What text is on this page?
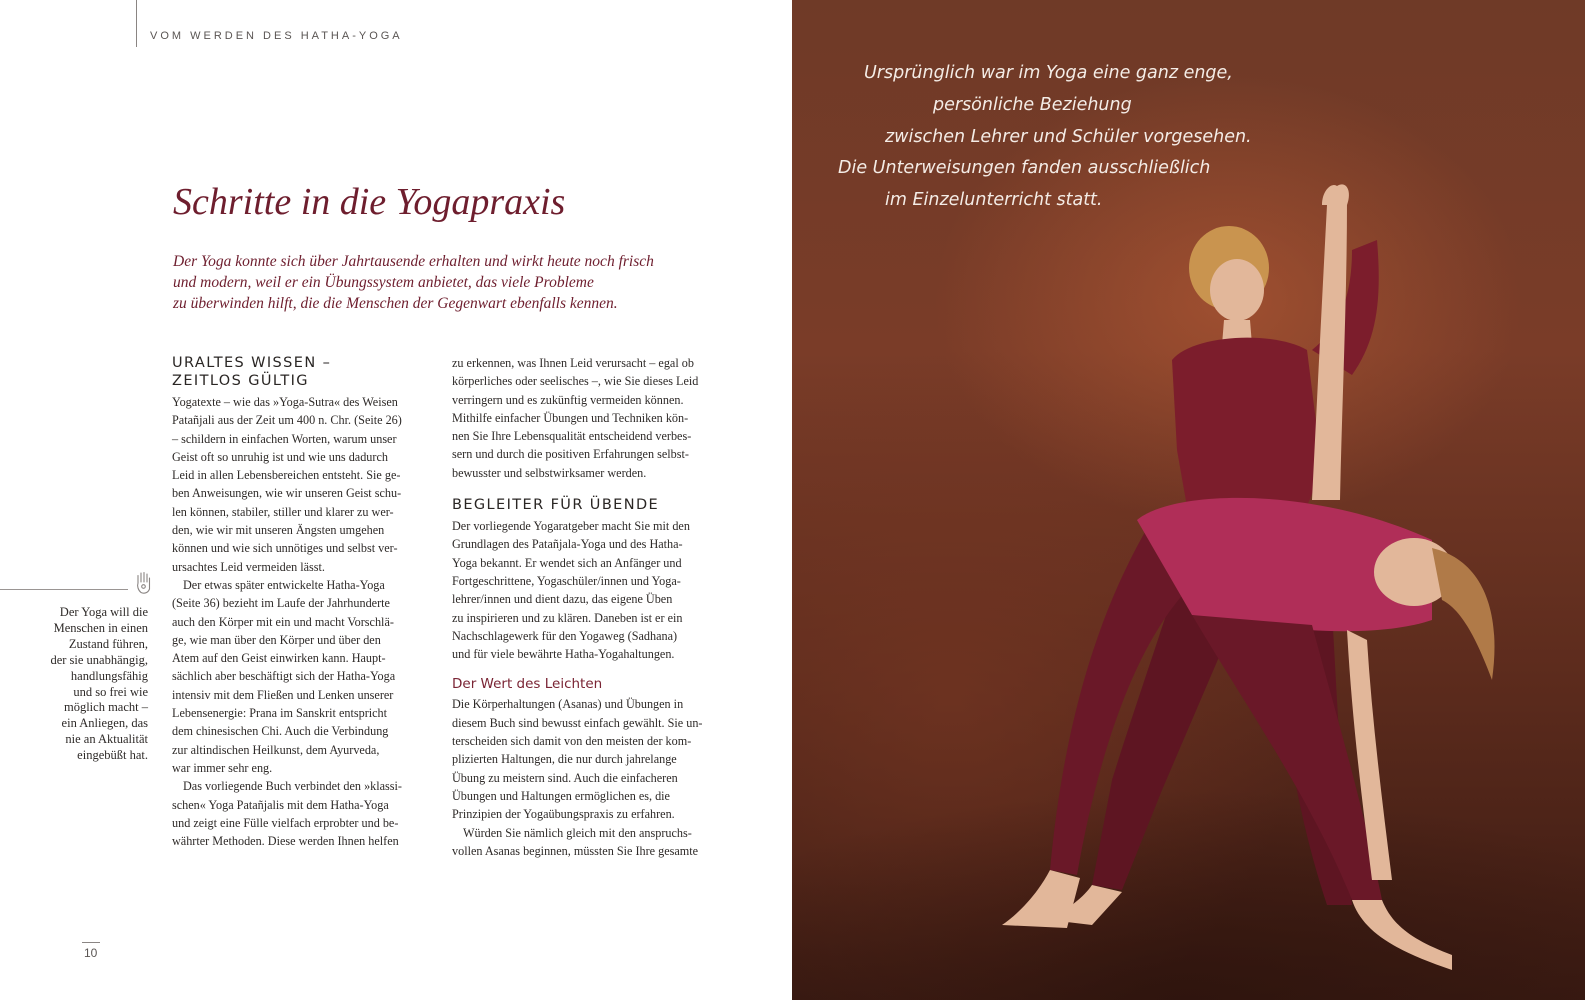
VOM WERDEN DES HATHA-YOGA
Schritte in die Yogapraxis
Der Yoga konnte sich über Jahrtausende erhalten und wirkt heute noch frisch
und modern, weil er ein Übungssystem anbietet, das viele Probleme
zu überwinden hilft, die die Menschen der Gegenwart ebenfalls kennen.
URALTES WISSEN –
ZEITLOS GÜLTIG
Yogatexte – wie das »Yoga-Sutra« des Weisen
Patañjali aus der Zeit um 400 n. Chr. (Seite 26)
– schildern in einfachen Worten, warum unser
Geist oft so unruhig ist und wie uns dadurch
Leid in allen Lebensbereichen entsteht. Sie ge-
ben Anweisungen, wie wir unseren Geist schu-
len können, stabiler, stiller und klarer zu wer-
den, wie wir mit unseren Ängsten umgehen
können und wie sich unnötiges und selbst ver-
ursachtes Leid vermeiden lässt.
Der etwas später entwickelte Hatha-Yoga
(Seite 36) bezieht im Laufe der Jahrhunderte
auch den Körper mit ein und macht Vorschlä-
ge, wie man über den Körper und über den
Atem auf den Geist einwirken kann. Haupt-
sächlich aber beschäftigt sich der Hatha-Yoga
intensiv mit dem Fließen und Lenken unserer
Lebensenergie: Prana im Sanskrit entspricht
dem chinesischen Chi. Auch die Verbindung
zur altindischen Heilkunst, dem Ayurveda,
war immer sehr eng.
Das vorliegende Buch verbindet den »klassi-
schen« Yoga Patañjalis mit dem Hatha-Yoga
und zeigt eine Fülle vielfach erprobter und be-
währter Methoden. Diese werden Ihnen helfen
zu erkennen, was Ihnen Leid verursacht – egal ob
körperliches oder seelisches –, wie Sie dieses Leid
verringern und es zukünftig vermeiden können.
Mithilfe einfacher Übungen und Techniken kön-
nen Sie Ihre Lebensqualität entscheidend verbes-
sern und durch die positiven Erfahrungen selbst-
bewusster und selbstwirksamer werden.
BEGLEITER FÜR ÜBENDE
Der vorliegende Yogaratgeber macht Sie mit den
Grundlagen des Patañjala-Yoga und des Hatha-
Yoga bekannt. Er wendet sich an Anfänger und
Fortgeschrittene, Yogaschüler/innen und Yoga-
lehrer/innen und dient dazu, das eigene Üben
zu inspirieren und zu klären. Daneben ist er ein
Nachschlagewerk für den Yogaweg (Sadhana)
und für viele bewährte Hatha-Yogahaltungen.
Der Wert des Leichten
Die Körperhaltungen (Asanas) und Übungen in
diesem Buch sind bewusst einfach gewählt. Sie un-
terscheiden sich damit von den meisten der kom-
plizierten Haltungen, die nur durch jahrelange
Übung zu meistern sind. Auch die einfacheren
Übungen und Haltungen ermöglichen es, die
Prinzipien der Yogaübungspraxis zu erfahren.
Würden Sie nämlich gleich mit den anspruchs-
vollen Asanas beginnen, müssten Sie Ihre gesamte
Der Yoga will die
Menschen in einen
Zustand führen,
der sie unabhängig,
handlungsfähig
und so frei wie
möglich macht –
ein Anliegen, das
nie an Aktualität
eingebüßt hat.
10
Ursprünglich war im Yoga eine ganz enge,
persönliche Beziehung
zwischen Lehrer und Schüler vorgesehen.
Die Unterweisungen fanden ausschließlich
im Einzelunterricht statt.
